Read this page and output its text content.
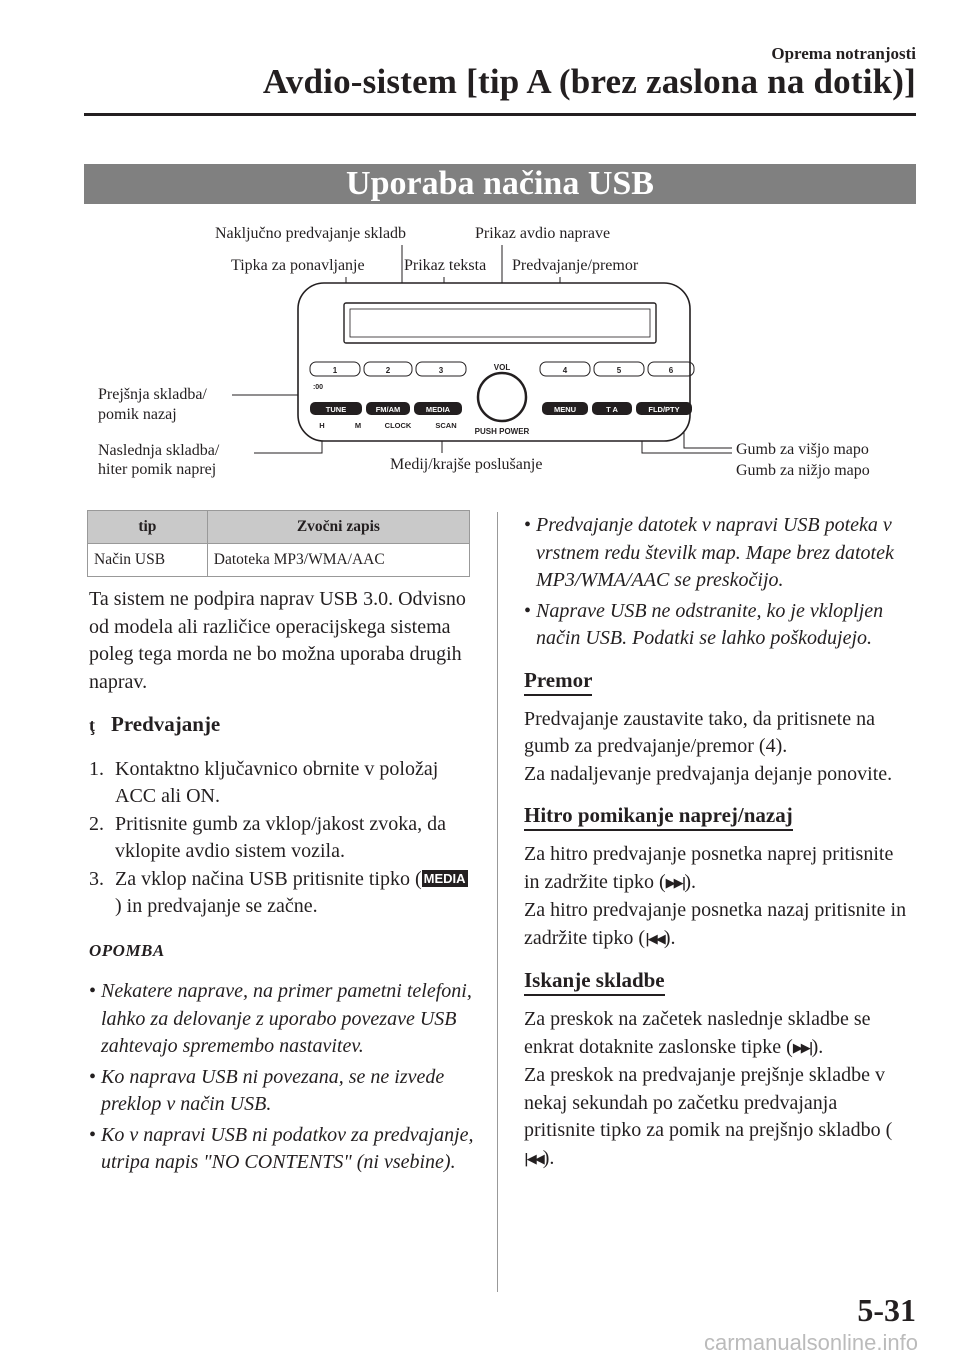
Oprema notranjosti
Avdio-sistem [tip A (brez zaslona na dotik)]
Uporaba načina USB
1	2	3	4	5	6
:00
VOL
PUSH POWER
TUNE	FM/AM	MEDIA	MENU	T A	FLD/PTY
H	M	CLOCK	SCAN
Naključno predvajanje skladb	Prikaz avdio naprave
Tipka za ponavljanje Prikaz teksta Predvajanje/premor
Prejšnja skladba/
pomik nazaj
Naslednja skladba/
hiter pomik naprej	Medij/krajše poslušanje
Gumb za višjo mapo
Gumb za nižjo mapo
tip	Zvočni zapis
Način USB	Datoteka MP3/WMA/AAC

Ta sistem ne podpira naprav USB 3.0. Odvisno od modela ali različice operacijskega sistema poleg tega morda ne bo možna uporaba drugih naprav.

ţ Predvajanje

1. Kontaktno ključavnico obrnite v položaj ACC ali ON.
2. Pritisnite gumb za vklop/jakost zvoka, da vklopite avdio sistem vozila.
3. Za vklop načina USB pritisnite tipko ( MEDIA) in predvajanje se začne.

OPOMBA

• Nekatere naprave, na primer pametni telefoni, lahko za delovanje z uporabo povezave USB zahtevajo spremembo nastavitev.
• Ko naprava USB ni povezana, se ne izvede preklop v način USB.
• Ko v napravi USB ni podatkov za predvajanje, utripa napis "NO CONTENTS" (ni vsebine).
• Predvajanje datotek v napravi USB poteka v vrstnem redu številk map. Mape brez datotek MP3/WMA/AAC se preskočijo.
• Naprave USB ne odstranite, ko je vklopljen način USB. Podatki se lahko poškodujejo.
Premor

Predvajanje zaustavite tako, da pritisnete na gumb za predvajanje/premor (4).

Za nadaljevanje predvajanja dejanje ponovite.

Hitro pomikanje naprej/nazaj

Za hitro predvajanje posnetka naprej pritisnite in zadržite tipko (▶▶|).

Za hitro predvajanje posnetka nazaj pritisnite in zadržite tipko (|◀◀).

Iskanje skladbe

Za preskok na začetek naslednje skladbe se enkrat dotaknite zaslonske tipke (▶▶|).

Za preskok na predvajanje prejšnje skladbe v nekaj sekundah po začetku predvajanja pritisnite tipko za pomik na prejšnjo skladbo (|◀◀).

5-31
carmanualsonline.info
